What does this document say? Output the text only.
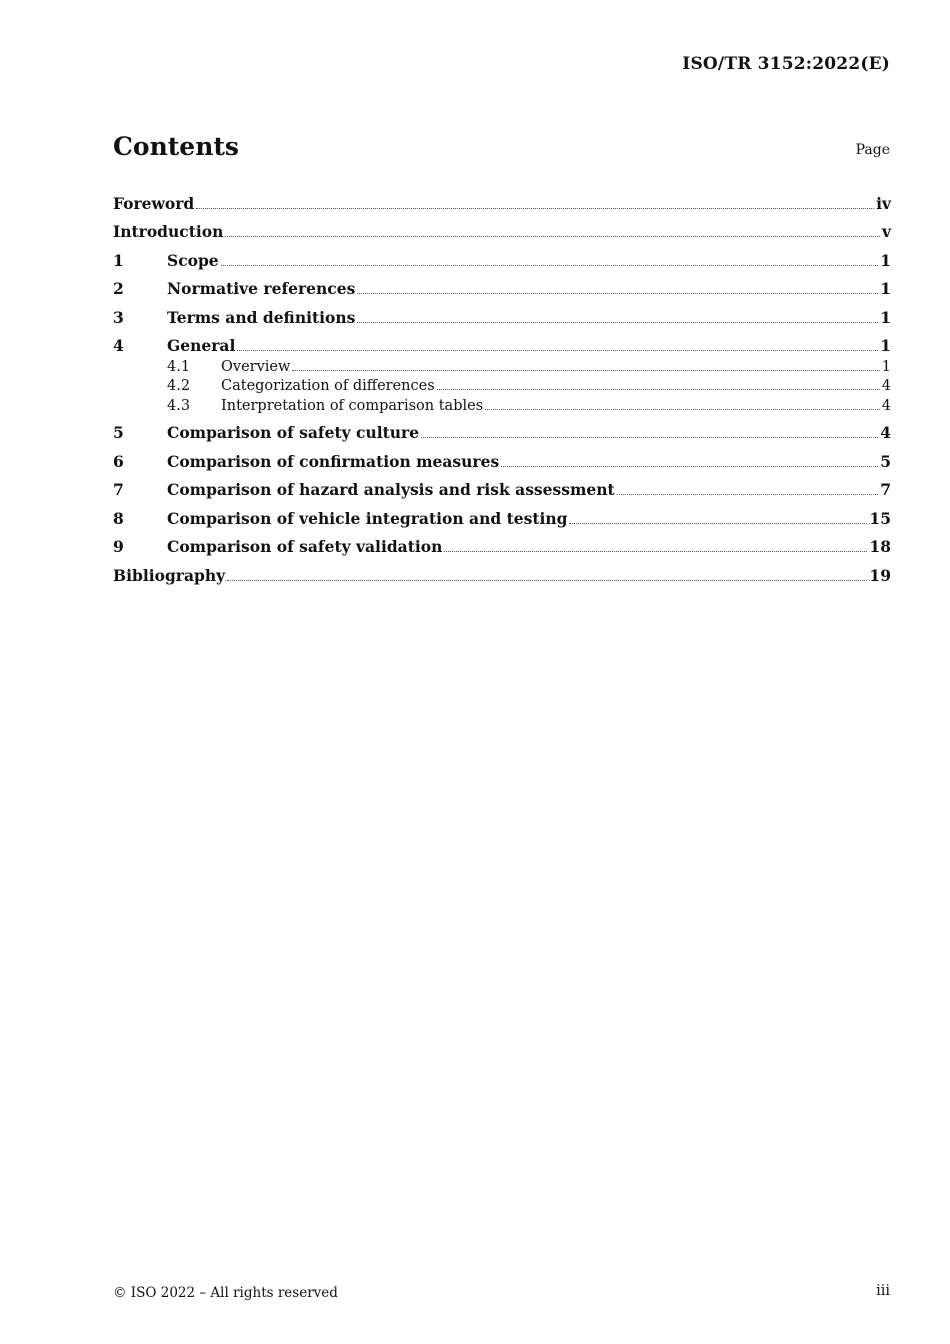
ISO/TR 3152:2022(E)
Contents	Page
Foreword	iv
Introduction	v
1	Scope	1
2	Normative references	1
3	Terms and definitions	1
4	General	1
4.1	Overview	1
4.2	Categorization of differences	4
4.3	Interpretation of comparison tables	4
5	Comparison of safety culture	4
6	Comparison of confirmation measures	5
7	Comparison of hazard analysis and risk assessment	7
8	Comparison of vehicle integration and testing	15
9	Comparison of safety validation	18
Bibliography	19
© ISO 2022 – All rights reserved	iii
